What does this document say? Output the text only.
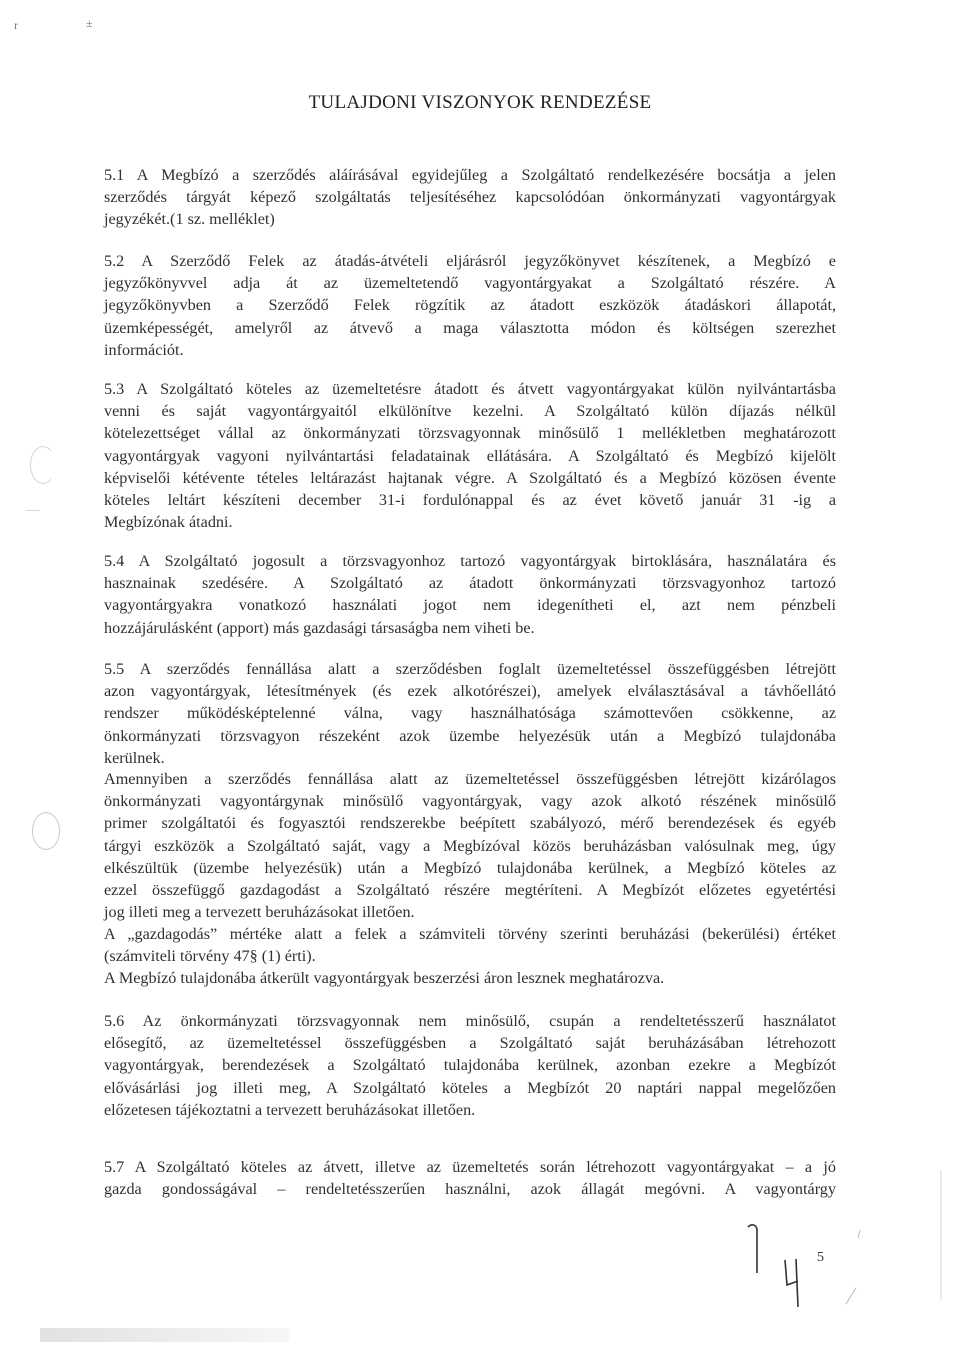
r	±
TULAJDONI VISZONYOK RENDEZÉSE
5.1 A Megbízó a szerződés aláírásával egyidejűleg a Szolgáltató rendelkezésére bocsátja a jelen
szerződés tárgyát képező szolgáltatás teljesítéséhez kapcsolódóan önkormányzati vagyontárgyak
jegyzékét.(1 sz. melléklet)
5.2 A Szerződő Felek az átadás-átvételi eljárásról jegyzőkönyvet készítenek, a Megbízó e
jegyzőkönyvvel adja át az üzemeltetendő vagyontárgyakat a Szolgáltató részére. A
jegyzőkönyvben a Szerződő Felek rögzítik az átadott eszközök átadáskori állapotát,
üzemképességét, amelyről az átvevő a maga választotta módon és költségen szerezhet
információt.
5.3 A Szolgáltató köteles az üzemeltetésre átadott és átvett vagyontárgyakat külön nyilvántartásba
venni és saját vagyontárgyaitól elkülönítve kezelni. A Szolgáltató külön díjazás nélkül
kötelezettséget vállal az önkormányzati törzsvagyonnak minősülő 1 mellékletben meghatározott
vagyontárgyak vagyoni nyilvántartási feladatainak ellátására. A Szolgáltató és Megbízó kijelölt
képviselői kétévente tételes leltárazást hajtanak végre. A Szolgáltató és a Megbízó közösen évente
köteles leltárt készíteni december 31-i fordulónappal és az évet követő január 31 -ig a
Megbízónak átadni.
5.4 A Szolgáltató jogosult a törzsvagyonhoz tartozó vagyontárgyak birtoklására, használatára és
hasznainak szedésére. A Szolgáltató az átadott önkormányzati törzsvagyonhoz tartozó
vagyontárgyakra vonatkozó használati jogot nem idegenítheti el, azt nem pénzbeli
hozzájárulásként (apport) más gazdasági társaságba nem viheti be.
5.5 A szerződés fennállása alatt a szerződésben foglalt üzemeltetéssel összefüggésben létrejött
azon vagyontárgyak, létesítmények (és ezek alkotórészei), amelyek elválasztásával a távhőellátó
rendszer működésképtelenné válna, vagy használhatósága számottevően csökkenne, az
önkormányzati törzsvagyon részeként azok üzembe helyezésük után a Megbízó tulajdonába
kerülnek.
Amennyiben a szerződés fennállása alatt az üzemeltetéssel összefüggésben létrejött kizárólagos
önkormányzati vagyontárgynak minősülő vagyontárgyak, vagy azok alkotó részének minősülő
primer szolgáltatói és fogyasztói rendszerekbe beépített szabályozó, mérő berendezések és egyéb
tárgyi eszközök a Szolgáltató saját, vagy a Megbízóval közös beruházásban valósulnak meg, úgy
elkészültük (üzembe helyezésük) után a Megbízó tulajdonába kerülnek, a Megbízó köteles az
ezzel összefüggő gazdagodást a Szolgáltató részére megtéríteni. A Megbízót előzetes egyetértési
jog illeti meg a tervezett beruházásokat illetően.
A „gazdagodás” mértéke alatt a felek a számviteli törvény szerinti beruházási (bekerülési) értéket
(számviteli törvény 47§ (1) érti).
A Megbízó tulajdonába átkerült vagyontárgyak beszerzési áron lesznek meghatározva.
5.6 Az önkormányzati törzsvagyonnak nem minősülő, csupán a rendeltetésszerű használatot
elősegítő, az üzemeltetéssel összefüggésben a Szolgáltató saját beruházásában létrehozott
vagyontárgyak, berendezések a Szolgáltató tulajdonába kerülnek, azonban ezekre a Megbízót
elővásárlási jog illeti meg, A Szolgáltató köteles a Megbízót 20 naptári nappal megelőzően
előzetesen tájékoztatni a tervezett beruházásokat illetően.
5.7 A Szolgáltató köteles az átvett, illetve az üzemeltetés során létrehozott vagyontárgyakat – a jó
gazda gondosságával – rendeltetésszerűen használni, azok állagát megóvni. A vagyontárgy
5
